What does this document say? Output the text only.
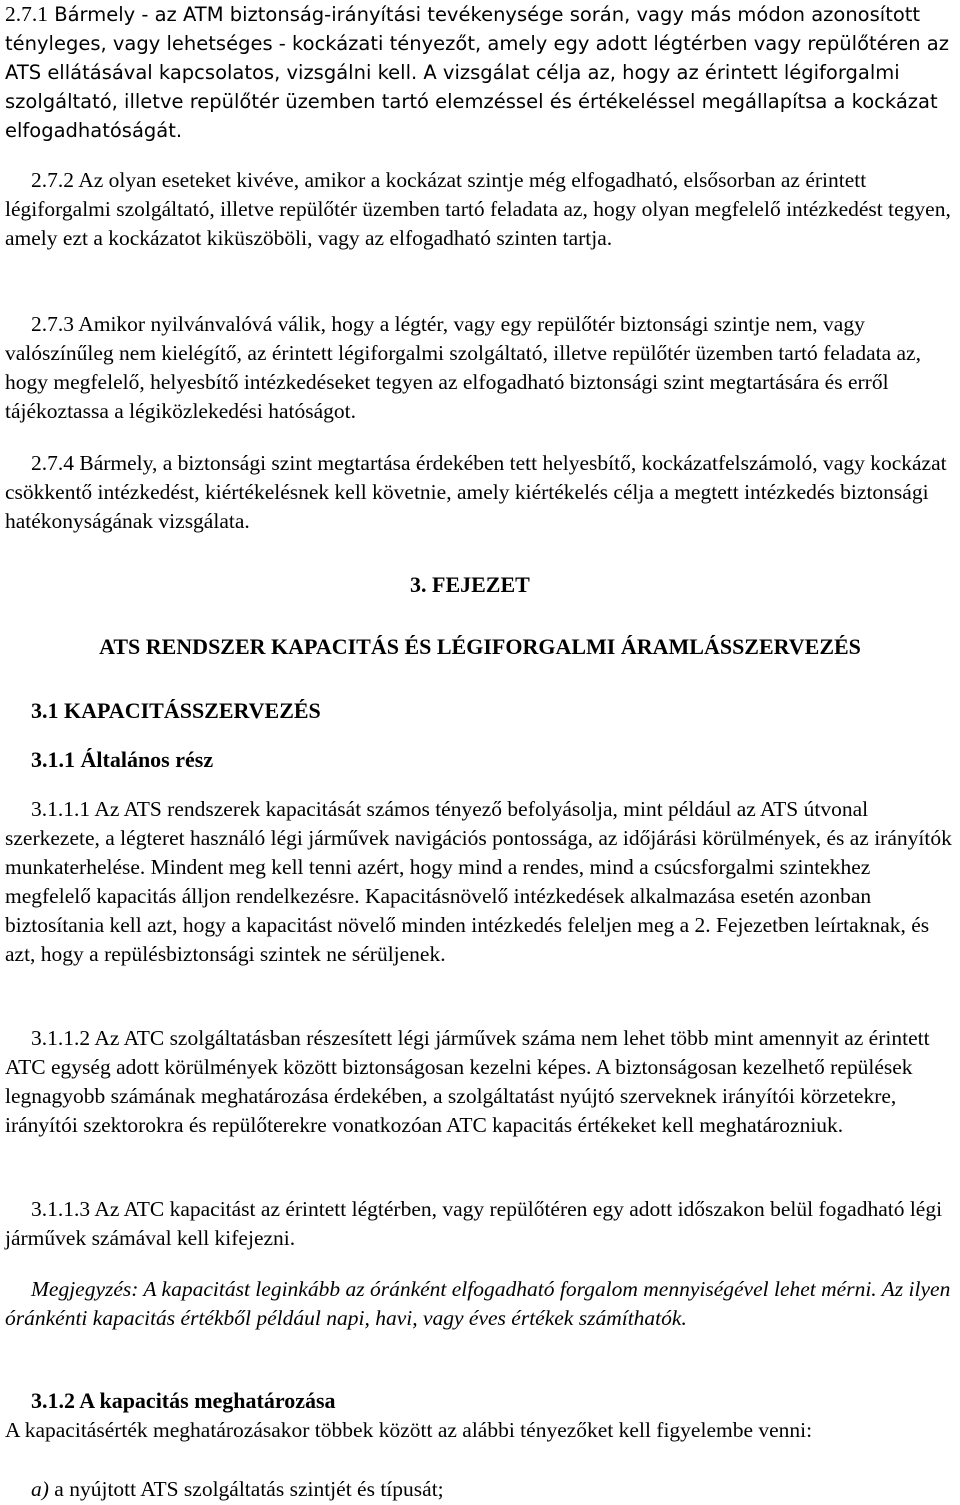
2.7.1 Bármely - az ATM biztonság-irányítási tevékenysége során, vagy más módon azonosított tényleges, vagy lehetséges - kockázati tényezőt, amely egy adott légtérben vagy repülőtéren az ATS ellátásával kapcsolatos, vizsgálni kell. A vizsgálat célja az, hogy az érintett légiforgalmi szolgáltató, illetve repülőtér üzemben tartó elemzéssel és értékeléssel megállapítsa a kockázat elfogadhatóságát.

2.7.2 Az olyan eseteket kivéve, amikor a kockázat szintje még elfogadható, elsősorban az érintett légiforgalmi szolgáltató, illetve repülőtér üzemben tartó feladata az, hogy olyan megfelelő intézkedést tegyen, amely ezt a kockázatot kiküszöböli, vagy az elfogadható szinten tartja.

2.7.3 Amikor nyilvánvalóvá válik, hogy a légtér, vagy egy repülőtér biztonsági szintje nem, vagy valószínűleg nem kielégítő, az érintett légiforgalmi szolgáltató, illetve repülőtér üzemben tartó feladata az, hogy megfelelő, helyesbítő intézkedéseket tegyen az elfogadható biztonsági szint megtartására és erről tájékoztassa a légiközlekedési hatóságot.

2.7.4 Bármely, a biztonsági szint megtartása érdekében tett helyesbítő, kockázatfelszámoló, vagy kockázat csökkentő intézkedést, kiértékelésnek kell követnie, amely kiértékelés célja a megtett intézkedés biztonsági hatékonyságának vizsgálata.

3. FEJEZET
ATS RENDSZER KAPACITÁS ÉS LÉGIFORGALMI ÁRAMLÁSSZERVEZÉS
3.1 KAPACITÁSSZERVEZÉS
3.1.1 Általános rész

3.1.1.1 Az ATS rendszerek kapacitását számos tényező befolyásolja, mint például az ATS útvonal szerkezete, a légteret használó légi járművek navigációs pontossága, az időjárási körülmények, és az irányítók munkaterhelése. Mindent meg kell tenni azért, hogy mind a rendes, mind a csúcsforgalmi szintekhez megfelelő kapacitás álljon rendelkezésre. Kapacitásnövelő intézkedések alkalmazása esetén azonban biztosítania kell azt, hogy a kapacitást növelő minden intézkedés feleljen meg a 2. Fejezetben leírtaknak, és azt, hogy a repülésbiztonsági szintek ne sérüljenek.

3.1.1.2 Az ATC szolgáltatásban részesített légi járművek száma nem lehet több mint amennyit az érintett ATC egység adott körülmények között biztonságosan kezelni képes. A biztonságosan kezelhető repülések legnagyobb számának meghatározása érdekében, a szolgáltatást nyújtó szerveknek irányítói körzetekre, irányítói szektorokra és repülőterekre vonatkozóan ATC kapacitás értékeket kell meghatározniuk.

3.1.1.3 Az ATC kapacitást az érintett légtérben, vagy repülőtéren egy adott időszakon belül fogadható légi járművek számával kell kifejezni.

Megjegyzés: A kapacitást leginkább az óránként elfogadható forgalom mennyiségével lehet mérni. Az ilyen óránkénti kapacitás értékből például napi, havi, vagy éves értékek számíthatók.

3.1.2 A kapacitás meghatározása

A kapacitásérték meghatározásakor többek között az alábbi tényezőket kell figyelembe venni:

a) a nyújtott ATS szolgáltatás szintjét és típusát;
